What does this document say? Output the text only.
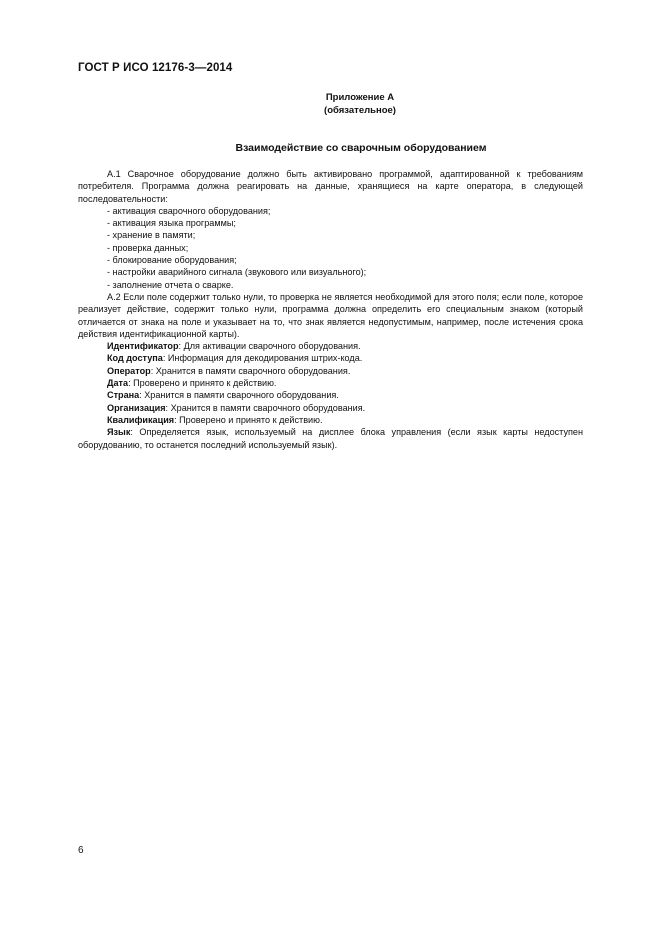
ГОСТ Р ИСО 12176-3—2014
Приложение А
(обязательное)
Взаимодействие со сварочным оборудованием

А.1 Сварочное оборудование должно быть активировано программой, адаптированной к требованиям потребителя. Программа должна реагировать на данные, хранящиеся на карте оператора, в следующей последовательности:

- активация сварочного оборудования;

- активация языка программы;

- хранение в памяти;

- проверка данных;

- блокирование оборудования;

- настройки аварийного сигнала (звукового или визуального);

- заполнение отчета о сварке.

А.2 Если поле содержит только нули, то проверка не является необходимой для этого поля; если поле, которое реализует действие, содержит только нули, программа должна определить его специальным знаком (который отличается от знака на поле и указывает на то, что знак является недопустимым, например, после истечения срока действия идентификационной карты).

Идентификатор: Для активации сварочного оборудования.

Код доступа: Информация для декодирования штрих-кода.

Оператор: Хранится в памяти сварочного оборудования.

Дата: Проверено и принято к действию.

Страна: Хранится в памяти сварочного оборудования.

Организация: Хранится в памяти сварочного оборудования.

Квалификация: Проверено и принято к действию.

Язык: Определяется язык, используемый на дисплее блока управления (если язык карты недоступен оборудованию, то останется последний используемый язык).

6
